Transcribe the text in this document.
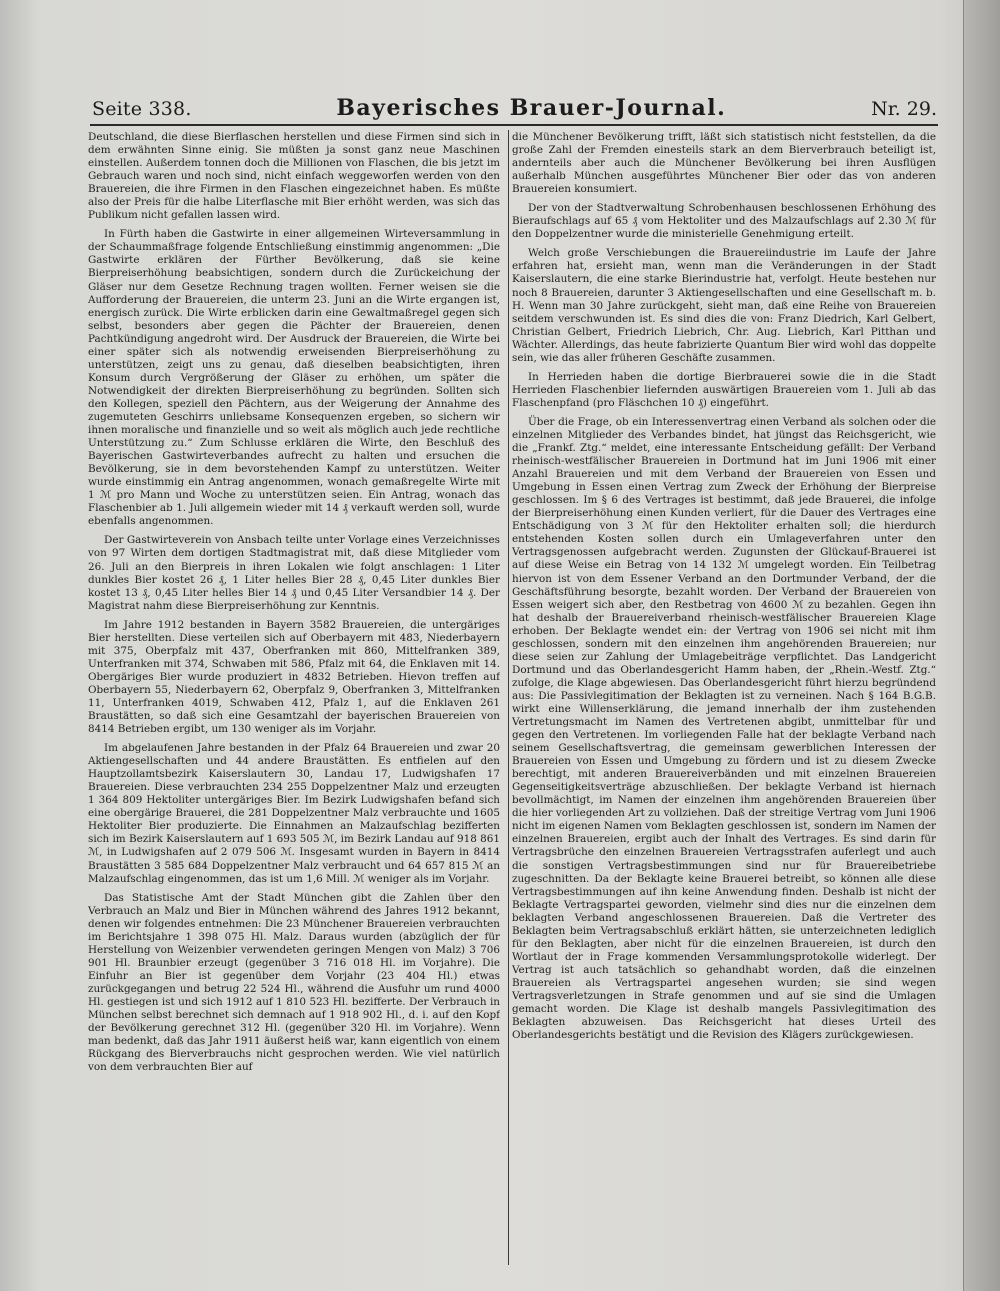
Seite 338.	Bayerisches Brauer-Journal.	Nr. 29.

Deutschland, die diese Bierflaschen herstellen und diese Firmen sind sich in dem erwähnten Sinne einig. Sie müßten ja sonst ganz neue Maschinen einstellen. Außerdem tonnen doch die Millionen von Flaschen, die bis jetzt im Gebrauch waren und noch sind, nicht einfach weggeworfen werden von den Brauereien, die ihre Firmen in den Flaschen eingezeichnet haben. Es müßte also der Preis für die halbe Literflasche mit Bier erhöht werden, was sich das Publikum nicht gefallen lassen wird.

In Fürth haben die Gastwirte in einer allgemeinen Wirteversammlung in der Schaummaßfrage folgende Entschließung einstimmig angenommen: „Die Gastwirte erklären der Fürther Bevölkerung, daß sie keine Bierpreiserhöhung beabsichtigen, sondern durch die Zurückeichung der Gläser nur dem Gesetze Rechnung tragen wollten. Ferner weisen sie die Aufforderung der Brauereien, die unterm 23. Juni an die Wirte ergangen ist, energisch zurück. Die Wirte erblicken darin eine Gewaltmaßregel gegen sich selbst, besonders aber gegen die Pächter der Brauereien, denen Pachtkündigung angedroht wird. Der Ausdruck der Brauereien, die Wirte bei einer später sich als notwendig erweisenden Bierpreiserhöhung zu unterstützen, zeigt uns zu genau, daß dieselben beabsichtigten, ihren Konsum durch Vergrößerung der Gläser zu erhöhen, um später die Notwendigkeit der direkten Bierpreiserhöhung zu begründen. Sollten sich den Kollegen, speziell den Pächtern, aus der Weigerung der Annahme des zugemuteten Geschirrs unliebsame Konsequenzen ergeben, so sichern wir ihnen moralische und finanzielle und so weit als möglich auch jede rechtliche Unterstützung zu.“ Zum Schlusse erklären die Wirte, den Beschluß des Bayerischen Gastwirteverbandes aufrecht zu halten und ersuchen die Bevölkerung, sie in dem bevorstehenden Kampf zu unterstützen. Weiter wurde einstimmig ein Antrag angenommen, wonach gemaßregelte Wirte mit 1 ℳ pro Mann und Woche zu unterstützen seien. Ein Antrag, wonach das Flaschenbier ab 1. Juli allgemein wieder mit 14 ₰ verkauft werden soll, wurde ebenfalls angenommen.

Der Gastwirteverein von Ansbach teilte unter Vorlage eines Verzeichnisses von 97 Wirten dem dortigen Stadtmagistrat mit, daß diese Mitglieder vom 26. Juli an den Bierpreis in ihren Lokalen wie folgt anschlagen: 1 Liter dunkles Bier kostet 26 ₰, 1 Liter helles Bier 28 ₰, 0,45 Liter dunkles Bier kostet 13 ₰, 0,45 Liter helles Bier 14 ₰ und 0,45 Liter Versandbier 14 ₰. Der Magistrat nahm diese Bierpreiserhöhung zur Kenntnis.

Im Jahre 1912 bestanden in Bayern 3582 Brauereien, die untergäriges Bier herstellten. Diese verteilen sich auf Oberbayern mit 483, Niederbayern mit 375, Oberpfalz mit 437, Oberfranken mit 860, Mittelfranken 389, Unterfranken mit 374, Schwaben mit 586, Pfalz mit 64, die Enklaven mit 14. Obergäriges Bier wurde produziert in 4832 Betrieben. Hievon treffen auf Oberbayern 55, Niederbayern 62, Oberpfalz 9, Oberfranken 3, Mittelfranken 11, Unterfranken 4019, Schwaben 412, Pfalz 1, auf die Enklaven 261 Braustätten, so daß sich eine Gesamtzahl der bayerischen Brauereien von 8414 Betrieben ergibt, um 130 weniger als im Vorjahr.

Im abgelaufenen Jahre bestanden in der Pfalz 64 Brauereien und zwar 20 Aktiengesellschaften und 44 andere Braustätten. Es entfielen auf den Hauptzollamtsbezirk Kaiserslautern 30, Landau 17, Ludwigshafen 17 Brauereien. Diese verbrauchten 234 255 Doppelzentner Malz und erzeugten 1 364 809 Hektoliter untergäriges Bier. Im Bezirk Ludwigshafen befand sich eine obergärige Brauerei, die 281 Doppelzentner Malz verbrauchte und 1605 Hektoliter Bier produzierte. Die Einnahmen an Malzaufschlag bezifferten sich im Bezirk Kaiserslautern auf 1 693 505 ℳ, im Bezirk Landau auf 918 861 ℳ, in Ludwigshafen auf 2 079 506 ℳ. Insgesamt wurden in Bayern in 8414 Braustätten 3 585 684 Doppelzentner Malz verbraucht und 64 657 815 ℳ an Malzaufschlag eingenommen, das ist um 1,6 Mill. ℳ weniger als im Vorjahr.

Das Statistische Amt der Stadt München gibt die Zahlen über den Verbrauch an Malz und Bier in München während des Jahres 1912 bekannt, denen wir folgendes entnehmen: Die 23 Münchener Brauereien verbrauchten im Berichtsjahre 1 398 075 Hl. Malz. Daraus wurden (abzüglich der für Herstellung von Weizenbier verwendeten geringen Mengen von Malz) 3 706 901 Hl. Braunbier erzeugt (gegenüber 3 716 018 Hl. im Vorjahre). Die Einfuhr an Bier ist gegenüber dem Vorjahr (23 404 Hl.) etwas zurückgegangen und betrug 22 524 Hl., während die Ausfuhr um rund 4000 Hl. gestiegen ist und sich 1912 auf 1 810 523 Hl. bezifferte. Der Verbrauch in München selbst berechnet sich demnach auf 1 918 902 Hl., d. i. auf den Kopf der Bevölkerung gerechnet 312 Hl. (gegenüber 320 Hl. im Vorjahre). Wenn man bedenkt, daß das Jahr 1911 äußerst heiß war, kann eigentlich von einem Rückgang des Bierverbrauchs nicht gesprochen werden. Wie viel natürlich von dem verbrauchten Bier auf

die Münchener Bevölkerung trifft, läßt sich statistisch nicht feststellen, da die große Zahl der Fremden einesteils stark an dem Bierverbrauch beteiligt ist, andernteils aber auch die Münchener Bevölkerung bei ihren Ausflügen außerhalb München ausgeführtes Münchener Bier oder das von anderen Brauereien konsumiert.

Der von der Stadtverwaltung Schrobenhausen beschlossenen Erhöhung des Bieraufschlags auf 65 ₰ vom Hektoliter und des Malzaufschlags auf 2.30 ℳ für den Doppelzentner wurde die ministerielle Genehmigung erteilt.

Welch große Verschiebungen die Brauereiindustrie im Laufe der Jahre erfahren hat, ersieht man, wenn man die Veränderungen in der Stadt Kaiserslautern, die eine starke Bierindustrie hat, verfolgt. Heute bestehen nur noch 8 Brauereien, darunter 3 Aktiengesellschaften und eine Gesellschaft m. b. H. Wenn man 30 Jahre zurückgeht, sieht man, daß eine Reihe von Brauereien seitdem verschwunden ist. Es sind dies die von: Franz Diedrich, Karl Gelbert, Christian Gelbert, Friedrich Liebrich, Chr. Aug. Liebrich, Karl Pitthan und Wächter. Allerdings, das heute fabrizierte Quantum Bier wird wohl das doppelte sein, wie das aller früheren Geschäfte zusammen.

In Herrieden haben die dortige Bierbrauerei sowie die in die Stadt Herrieden Flaschenbier liefernden auswärtigen Brauereien vom 1. Juli ab das Flaschenpfand (pro Fläschchen 10 ₰) eingeführt.

Über die Frage, ob ein Interessenvertrag einen Verband als solchen oder die einzelnen Mitglieder des Verbandes bindet, hat jüngst das Reichsgericht, wie die „Frankf. Ztg.“ meldet, eine interessante Entscheidung gefällt: Der Verband rheinisch-westfälischer Brauereien in Dortmund hat im Juni 1906 mit einer Anzahl Brauereien und mit dem Verband der Brauereien von Essen und Umgebung in Essen einen Vertrag zum Zweck der Erhöhung der Bierpreise geschlossen. Im § 6 des Vertrages ist bestimmt, daß jede Brauerei, die infolge der Bierpreiserhöhung einen Kunden verliert, für die Dauer des Vertrages eine Entschädigung von 3 ℳ für den Hektoliter erhalten soll; die hierdurch entstehenden Kosten sollen durch ein Umlageverfahren unter den Vertragsgenossen aufgebracht werden. Zugunsten der Glückauf-Brauerei ist auf diese Weise ein Betrag von 14 132 ℳ umgelegt worden. Ein Teilbetrag hiervon ist von dem Essener Verband an den Dortmunder Verband, der die Geschäftsführung besorgte, bezahlt worden. Der Verband der Brauereien von Essen weigert sich aber, den Restbetrag von 4600 ℳ zu bezahlen. Gegen ihn hat deshalb der Brauereiverband rheinisch-westfälischer Brauereien Klage erhoben. Der Beklagte wendet ein: der Vertrag von 1906 sei nicht mit ihm geschlossen, sondern mit den einzelnen ihm angehörenden Brauereien; nur diese seien zur Zahlung der Umlagebeiträge verpflichtet. Das Landgericht Dortmund und das Oberlandesgericht Hamm haben, der „Rhein.-Westf. Ztg.“ zufolge, die Klage abgewiesen. Das Oberlandesgericht führt hierzu begründend aus: Die Passivlegitimation der Beklagten ist zu verneinen. Nach § 164 B.G.B. wirkt eine Willenserklärung, die jemand innerhalb der ihm zustehenden Vertretungsmacht im Namen des Vertretenen abgibt, unmittelbar für und gegen den Vertretenen. Im vorliegenden Falle hat der beklagte Verband nach seinem Gesellschaftsvertrag, die gemeinsam gewerblichen Interessen der Brauereien von Essen und Umgebung zu fördern und ist zu diesem Zwecke berechtigt, mit anderen Brauereiverbänden und mit einzelnen Brauereien Gegenseitigkeitsverträge abzuschließen. Der beklagte Verband ist hiernach bevollmächtigt, im Namen der einzelnen ihm angehörenden Brauereien über die hier vorliegenden Art zu vollziehen. Daß der streitige Vertrag vom Juni 1906 nicht im eigenen Namen vom Beklagten geschlossen ist, sondern im Namen der einzelnen Brauereien, ergibt auch der Inhalt des Vertrages. Es sind darin für Vertragsbrüche den einzelnen Brauereien Vertragsstrafen auferlegt und auch die sonstigen Vertragsbestimmungen sind nur für Brauereibetriebe zugeschnitten. Da der Beklagte keine Brauerei betreibt, so können alle diese Vertragsbestimmungen auf ihn keine Anwendung finden. Deshalb ist nicht der Beklagte Vertragspartei geworden, vielmehr sind dies nur die einzelnen dem beklagten Verband angeschlossenen Brauereien. Daß die Vertreter des Beklagten beim Vertragsabschluß erklärt hätten, sie unterzeichneten lediglich für den Beklagten, aber nicht für die einzelnen Brauereien, ist durch den Wortlaut der in Frage kommenden Versammlungsprotokolle widerlegt. Der Vertrag ist auch tatsächlich so gehandhabt worden, daß die einzelnen Brauereien als Vertragspartei angesehen wurden; sie sind wegen Vertragsverletzungen in Strafe genommen und auf sie sind die Umlagen gemacht worden. Die Klage ist deshalb mangels Passivlegitimation des Beklagten abzuweisen. Das Reichsgericht hat dieses Urteil des Oberlandesgerichts bestätigt und die Revision des Klägers zurückgewiesen.
